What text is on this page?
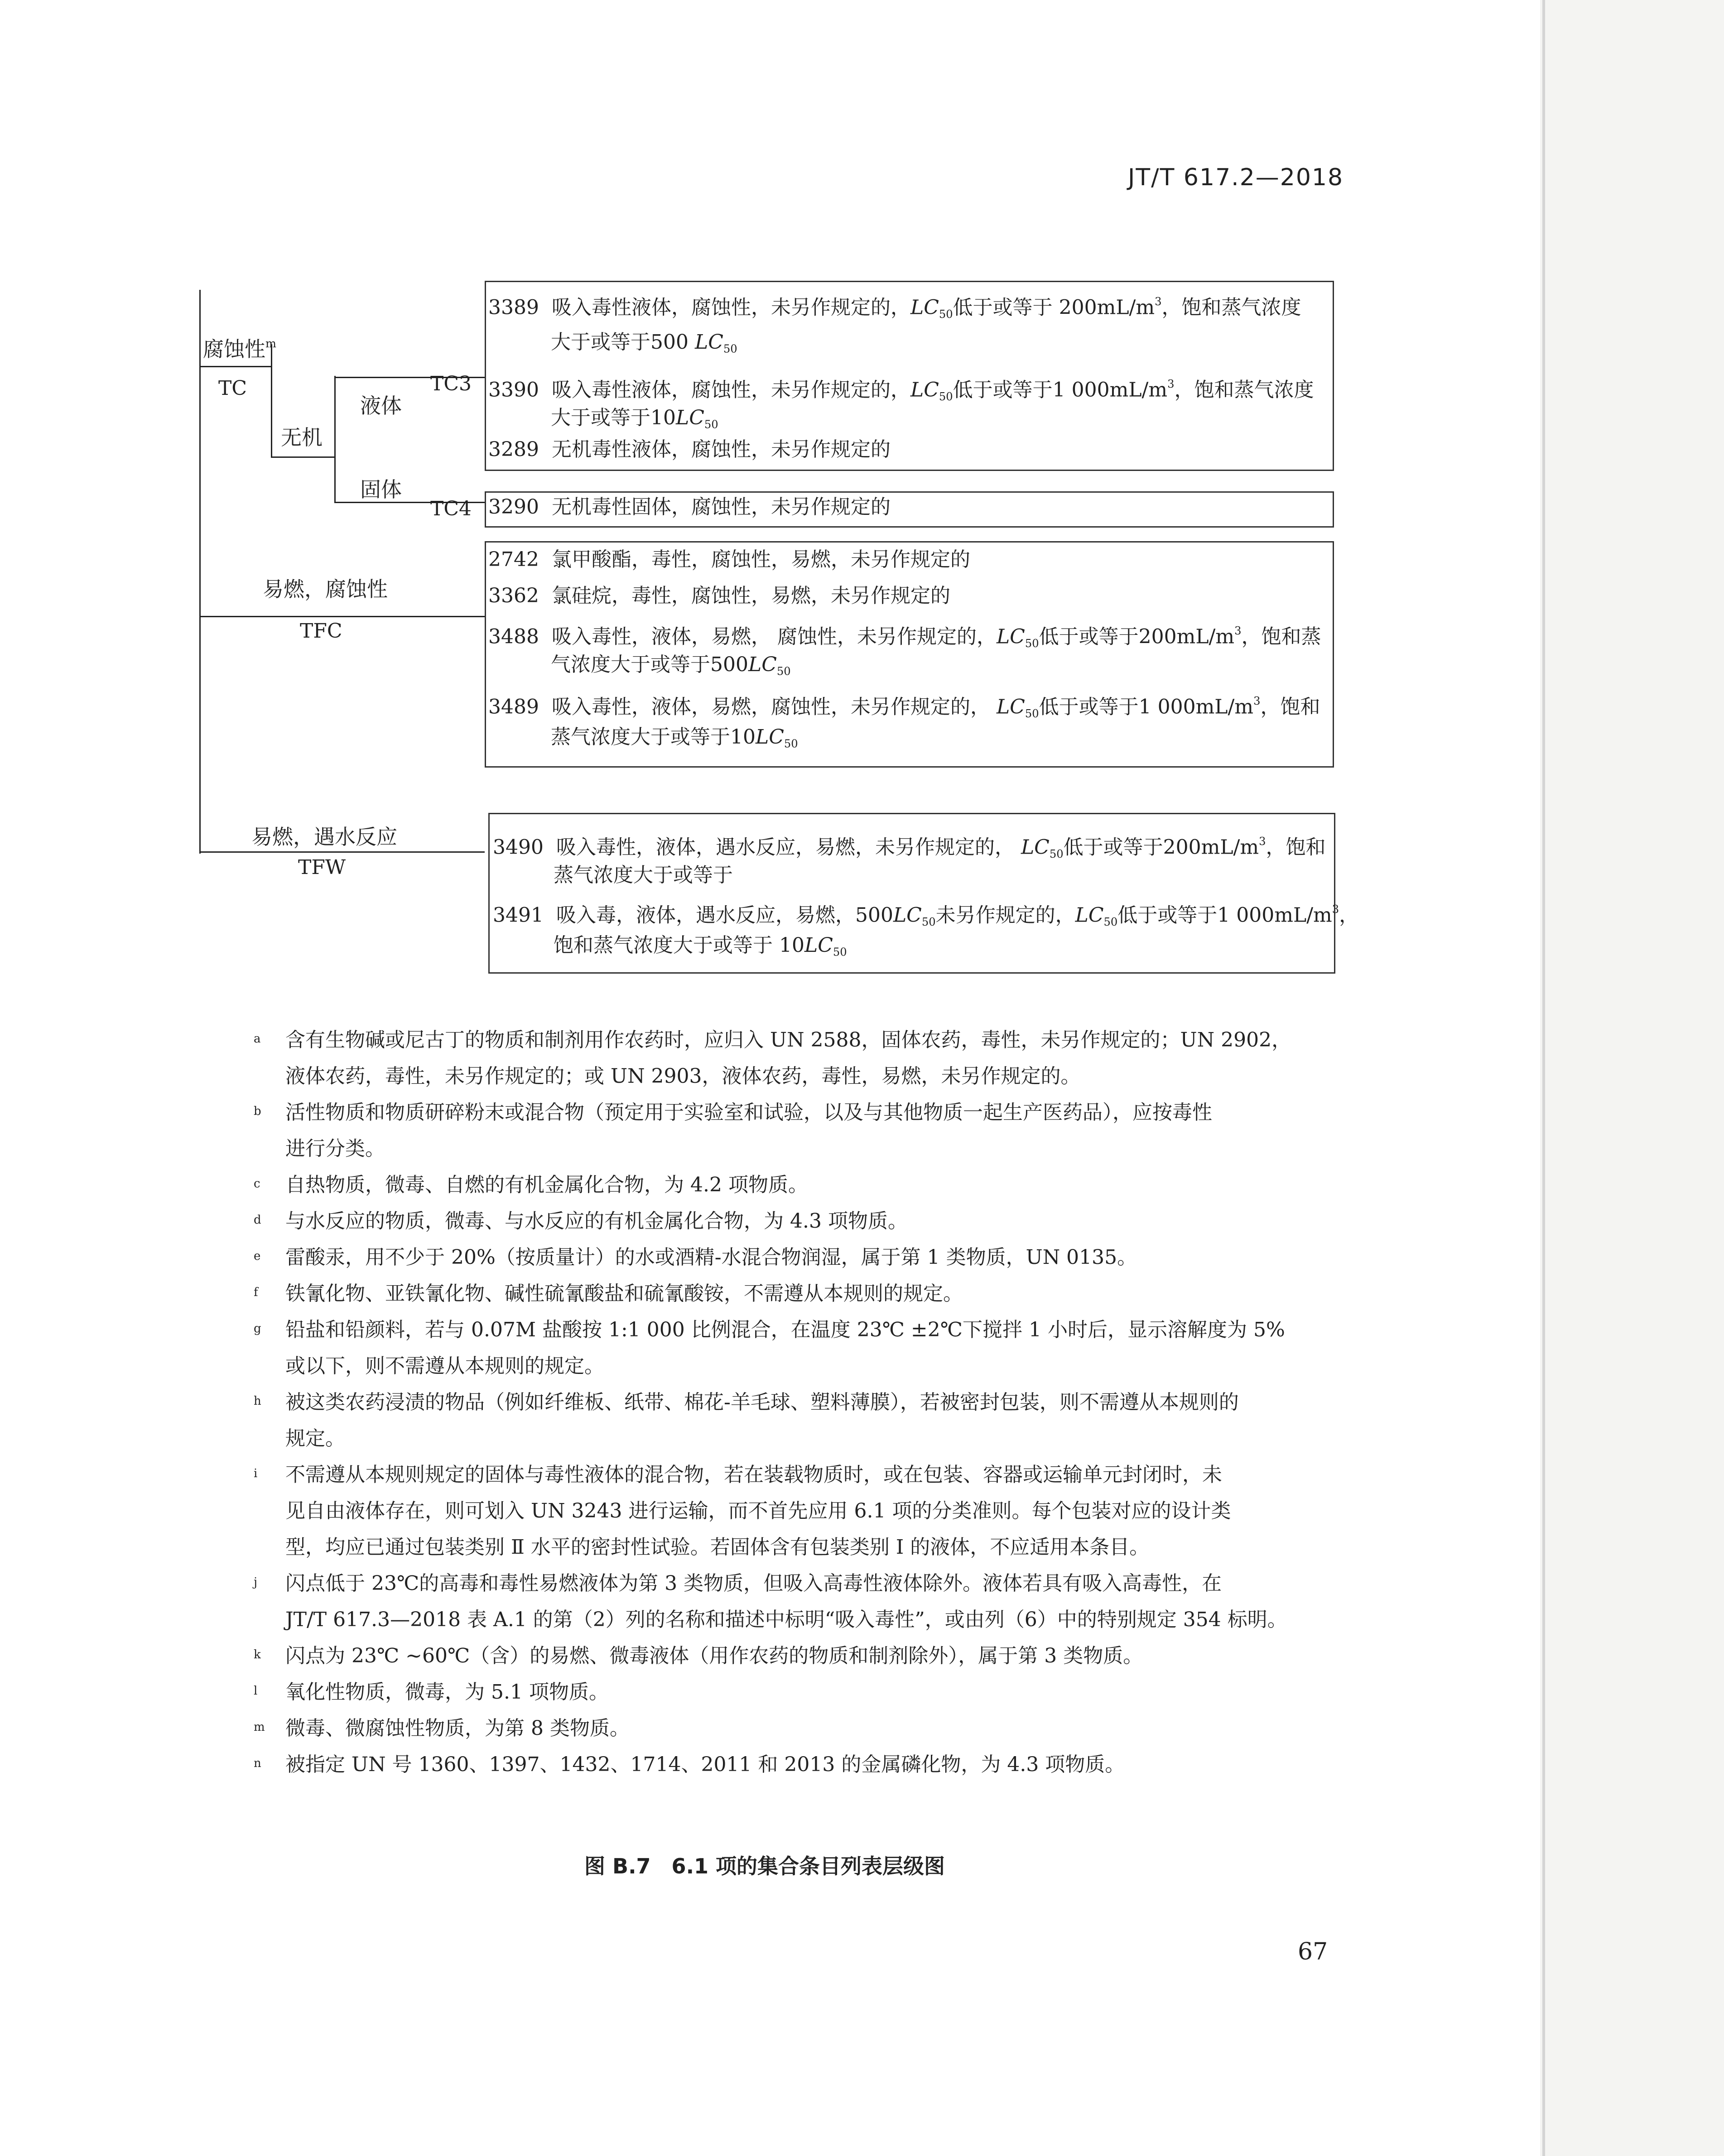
JT/T 617.2—2018
腐蚀性$^m$
TC
无机
液体
固体
TC3
TC4
易燃，腐蚀性
TFC
易燃，遇水反应
TFW
3389 吸入毒性液体，腐蚀性，未另作规定的，$LC_{50}$低于或等于 $200mL/m^3$，饱和蒸气浓度
大于或等于500 $LC_{50}$
3390 吸入毒性液体，腐蚀性，未另作规定的，$LC_{50}$低于或等于1 $000mL/m^3$，饱和蒸气浓度
大于或等于$10LC_{50}$
3289 无机毒性液体，腐蚀性，未另作规定的
3290 无机毒性固体，腐蚀性，未另作规定的
2742 氯甲酸酯，毒性，腐蚀性，易燃，未另作规定的
3362 氯硅烷，毒性，腐蚀性，易燃，未另作规定的
3488 吸入毒性，液体，易燃， 腐蚀性，未另作规定的，$LC_{50}$低于或等于$200mL/m^3$，饱和蒸
气浓度大于或等于$500LC_{50}$
3489 吸入毒性，液体，易燃，腐蚀性，未另作规定的， $LC_{50}$低于或等于1 $000mL/m^3$，饱和
蒸气浓度大于或等于$10LC_{50}$
3490 吸入毒性，液体，遇水反应，易燃，未另作规定的， $LC_{50}$低于或等于$200mL/m^3$，饱和
蒸气浓度大于或等于
3491 吸入毒，液体，遇水反应，易燃，$500LC_{50}$未另作规定的，$LC_{50}$低于或等于1 $000mL/m^3$，
饱和蒸气浓度大于或等于 $10LC_{50}$
a 含有生物碱或尼古丁的物质和制剂用作农药时，应归入 UN 2588，固体农药，毒性，未另作规定的；UN 2902，
液体农药，毒性，未另作规定的；或 UN 2903，液体农药，毒性，易燃，未另作规定的。
b 活性物质和物质研碎粉末或混合物（预定用于实验室和试验，以及与其他物质一起生产医药品），应按毒性
进行分类。
c 自热物质，微毒、自燃的有机金属化合物，为 4.2 项物质。
d 与水反应的物质，微毒、与水反应的有机金属化合物，为 4.3 项物质。
e 雷酸汞，用不少于 20%（按质量计）的水或酒精-水混合物润湿，属于第 1 类物质，UN 0135。
f 铁氰化物、亚铁氰化物、碱性硫氰酸盐和硫氰酸铵，不需遵从本规则的规定。
g 铅盐和铅颜料，若与 0.07M 盐酸按 1:1 000 比例混合，在温度 23℃ ±2℃下搅拌 1 小时后，显示溶解度为 5%
或以下，则不需遵从本规则的规定。
h 被这类农药浸渍的物品（例如纤维板、纸带、棉花-羊毛球、塑料薄膜），若被密封包装，则不需遵从本规则的
规定。
i 不需遵从本规则规定的固体与毒性液体的混合物，若在装载物质时，或在包装、容器或运输单元封闭时，未
见自由液体存在，则可划入 UN 3243 进行运输，而不首先应用 6.1 项的分类准则。每个包装对应的设计类
型，均应已通过包装类别 Ⅱ 水平的密封性试验。若固体含有包装类别 Ⅰ 的液体，不应适用本条目。
j 闪点低于 23℃的高毒和毒性易燃液体为第 3 类物质，但吸入高毒性液体除外。液体若具有吸入高毒性，在
JT/T 617.3—2018 表 A.1 的第（2）列的名称和描述中标明“吸入毒性”，或由列（6）中的特别规定 354 标明。
k 闪点为 23℃ ~60℃（含）的易燃、微毒液体（用作农药的物质和制剂除外），属于第 3 类物质。
l 氧化性物质，微毒，为 5.1 项物质。
m 微毒、微腐蚀性物质，为第 8 类物质。
n 被指定 UN 号 1360、1397、1432、1714、2011 和 2013 的金属磷化物，为 4.3 项物质。
图 B.7　6.1 项的集合条目列表层级图
67
